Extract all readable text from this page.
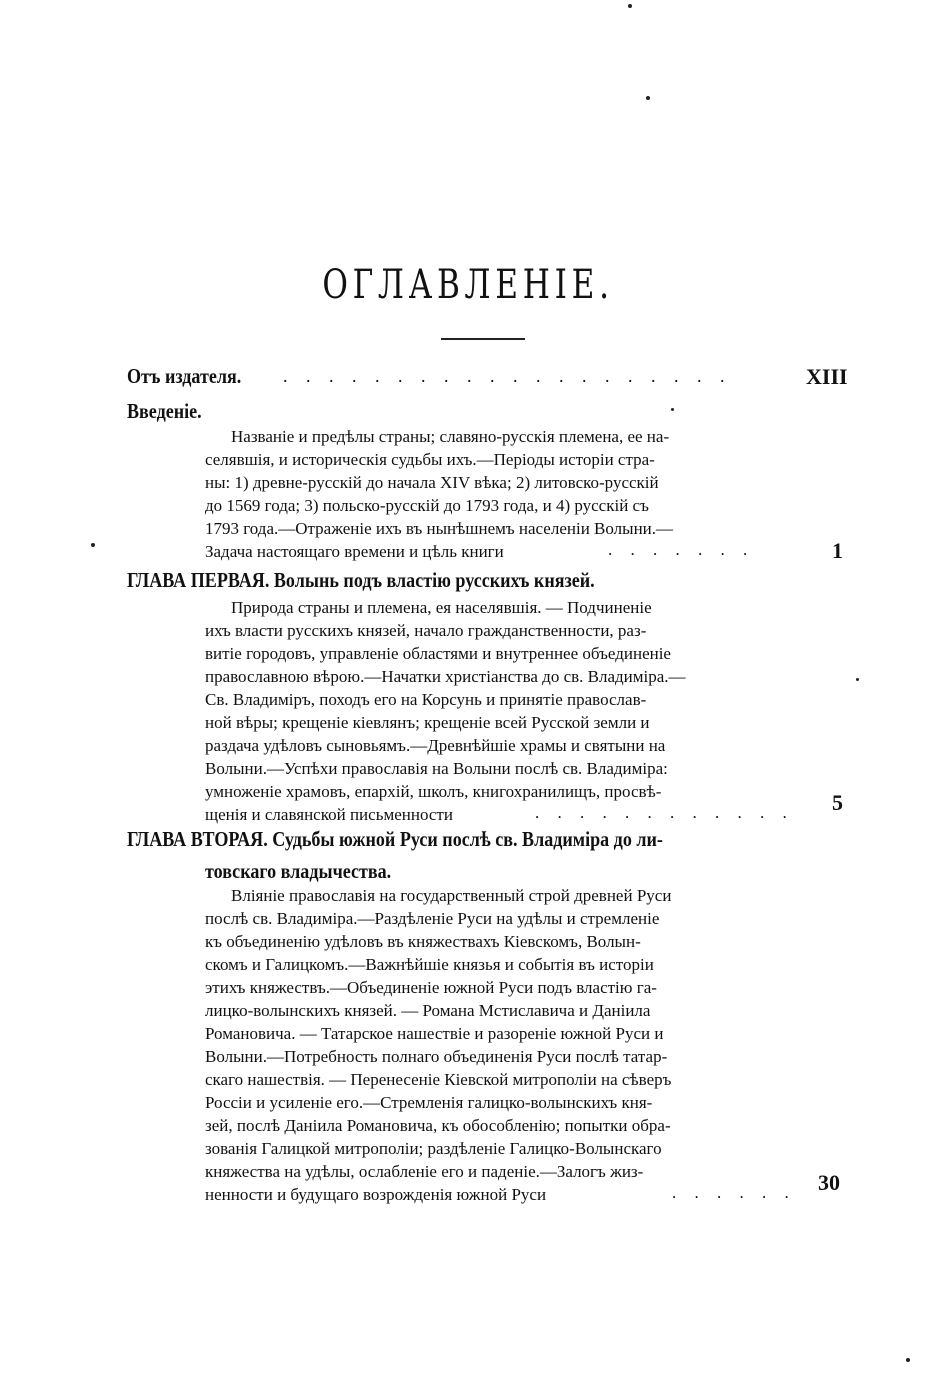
ОГЛАВЛЕНІЕ.
Отъ издателя. . . . . . . . . . . . . . . . . . . . .	XIII
Введеніе.
Названіе и предѣлы страны; славяно-русскія племена, ее на-
селявшія, и историческія судьбы ихъ.—Періоды исторіи стра-
ны: 1) древне-русскій до начала XIV вѣка; 2) литовско-русскій
до 1569 года; 3) польско-русскій до 1793 года, и 4) русскій съ
1793 года.—Отраженіе ихъ въ нынѣшнемъ населеніи Волыни.—
Задача настоящаго времени и цѣль книги	. . . . . . .	1
ГЛАВА ПЕРВАЯ. Волынь подъ властію русскихъ князей.
Природа страны и племена, ея населявшія. — Подчиненіе
ихъ власти русскихъ князей, начало гражданственности, раз-
витіе городовъ, управленіе областями и внутреннее объединеніе
православною вѣрою.—Начатки христіанства до св. Владиміра.—
Св. Владиміръ, походъ его на Корсунь и принятіе православ-
ной вѣры; крещеніе кіевлянъ; крещеніе всей Русской земли и
раздача удѣловъ сыновьямъ.—Древнѣйшіе храмы и святыни на
Волыни.—Успѣхи православія на Волыни послѣ св. Владиміра:
умноженіе храмовъ, епархій, школъ, книгохранилищъ, просвѣ-
щенія и славянской письменности	. . . . . . . . . . . . 5
ГЛАВА ВТОРАЯ. Судьбы южной Руси послѣ св. Владиміра до ли-
товскаго владычества.
Вліяніе православія на государственный строй древней Руси
послѣ св. Владиміра.—Раздѣленіе Руси на удѣлы и стремленіе
къ объединенію удѣловъ въ княжествахъ Кіевскомъ, Волын-
скомъ и Галицкомъ.—Важнѣйшіе князья и событія въ исторіи
этихъ княжествъ.—Объединеніе южной Руси подъ властію га-
лицко-волынскихъ князей. — Романа Мстиславича и Даніила
Романовича. — Татарское нашествіе и разореніе южной Руси и
Волыни.—Потребность полнаго объединенія Руси послѣ татар-
скаго нашествія. — Перенесеніе Кіевской митрополіи на сѣверъ
Россіи и усиленіе его.—Стремленія галицко-волынскихъ кня-
зей, послѣ Даніила Романовича, къ обособленію; попытки обра-
зованія Галицкой митрополіи; раздѣленіе Галицко-Волынскаго
княжества на удѣлы, ослабленіе его и паденіе.—Залогъ жиз-
ненности и будущаго возрожденія южной Руси	. . . . . . 30
